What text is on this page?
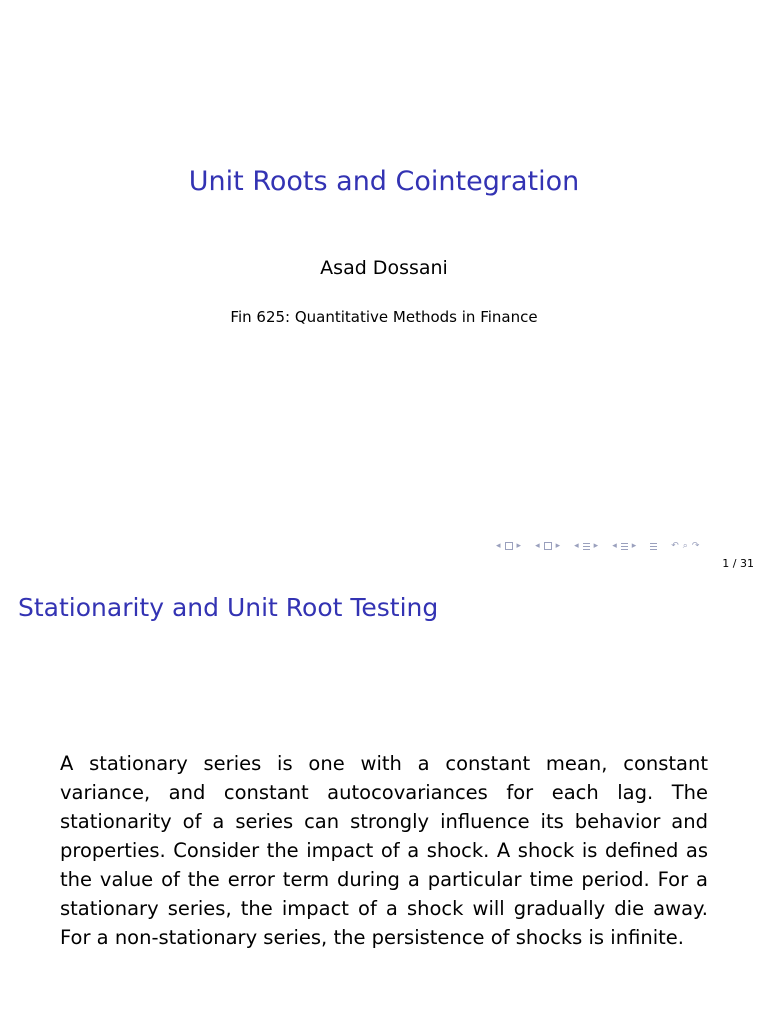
Unit Roots and Cointegration
Asad Dossani
Fin 625: Quantitative Methods in Finance
◂ ▸ ◂ ▸ ◂ ▸ ◂ ▸	↶ ⌕ ↷
1 / 31
Stationarity and Unit Root Testing
A stationary series is one with a constant mean, constant variance, and constant autocovariances for each lag. The stationarity of a series can strongly influence its behavior and properties. Consider the impact of a shock. A shock is defined as the value of the error term during a particular time period. For a stationary series, the impact of a shock will gradually die away. For a non-stationary series, the persistence of shocks is infinite.
